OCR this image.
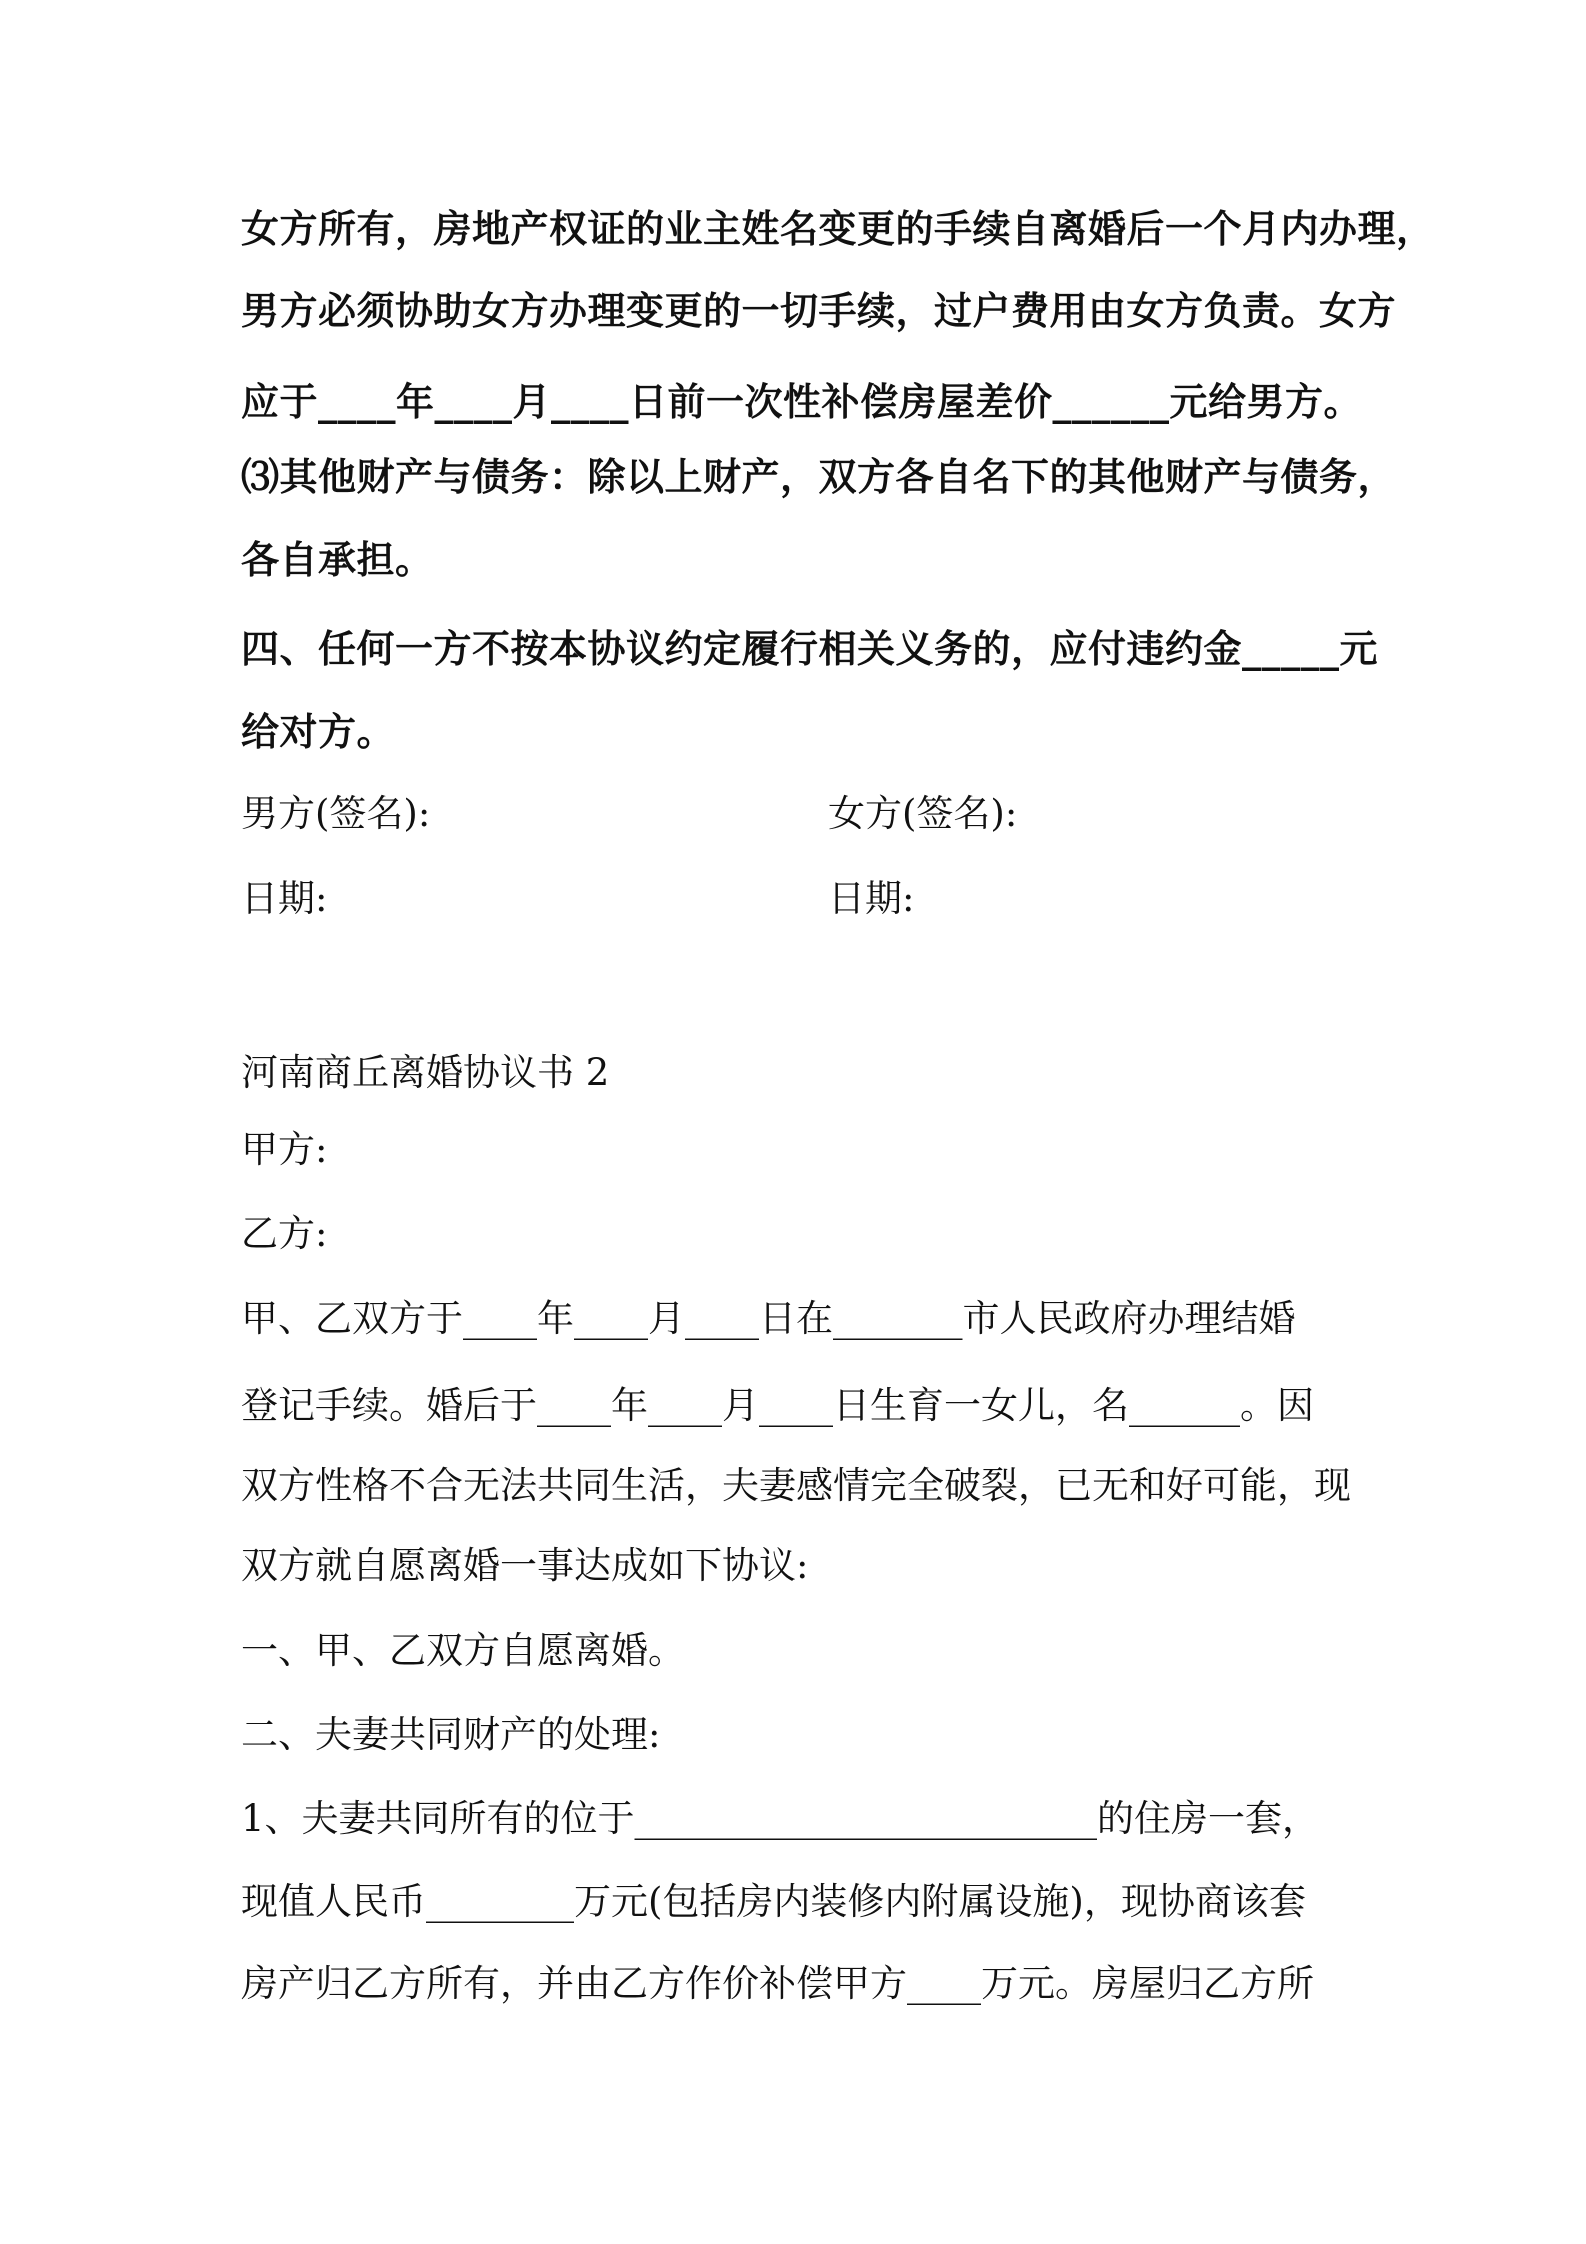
女方所有，房地产权证的业主姓名变更的手续自离婚后一个月内办理，
男方必须协助女方办理变更的一切手续，过户费用由女方负责。女方
应于____年____月____日前一次性补偿房屋差价______元给男方。
⑶其他财产与债务：除以上财产，双方各自名下的其他财产与债务，
各自承担。
四、任何一方不按本协议约定履行相关义务的，应付违约金_____元
给对方。
男方(签名):	女方(签名):
日期:	日期:
河南商丘离婚协议书 2
甲方:
乙方:
甲、乙双方于____年____月____日在_______市人民政府办理结婚
登记手续。婚后于____年____月____日生育一女儿，名______。因
双方性格不合无法共同生活，夫妻感情完全破裂，已无和好可能，现
双方就自愿离婚一事达成如下协议:
一、甲、乙双方自愿离婚。
二、夫妻共同财产的处理:
1、夫妻共同所有的位于_________________________的住房一套，
现值人民币________万元(包括房内装修内附属设施)，现协商该套
房产归乙方所有，并由乙方作价补偿甲方____万元。房屋归乙方所
